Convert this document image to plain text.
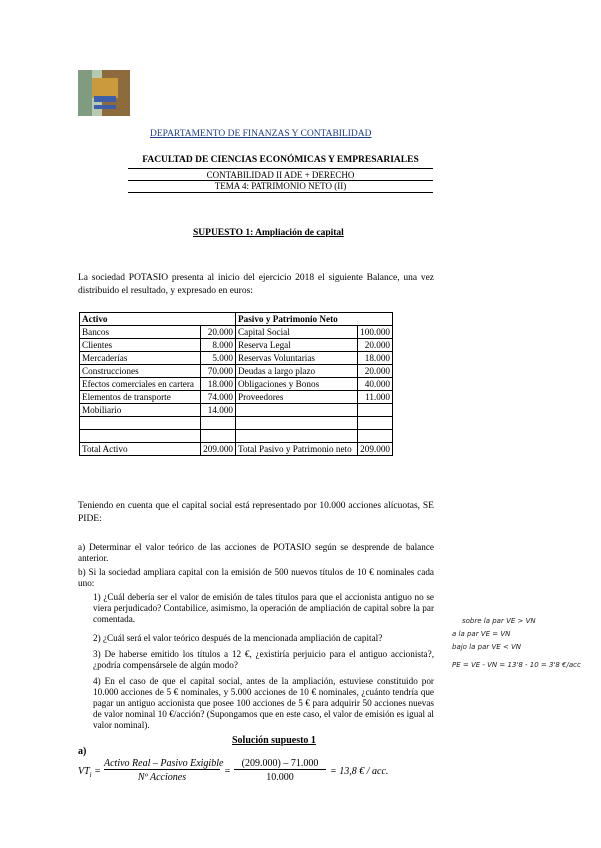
DEPARTAMENTO DE FINANZAS Y CONTABILIDAD
FACULTAD DE CIENCIAS ECONÓMICAS Y EMPRESARIALES
CONTABILIDAD II ADE + DERECHO
TEMA 4: PATRIMONIO NETO (II)
SUPUESTO 1: Ampliación de capital
La sociedad POTASIO presenta al inicio del ejercicio 2018 el siguiente Balance, una vez distribuido el resultado, y expresado en euros:
Activo		Pasivo y Patrimonio Neto	
Bancos	20.000	Capital Social	100.000
Clientes	8.000	Reserva Legal	20.000
Mercaderías	5.000	Reservas Voluntarias	18.000
Construcciones	70.000	Deudas a largo plazo	20.000
Efectos comerciales en cartera	18.000	Obligaciones y Bonos	40.000
Elementos de transporte	74.000	Proveedores	11.000
Mobiliario	14.000		

Total Activo	209.000	Total Pasivo y Patrimonio neto	209.000
Teniendo en cuenta que el capital social está representado por 10.000 acciones alícuotas, SE PIDE:
a) Determinar el valor teórico de las acciones de POTASIO según se desprende de balance anterior.
b) Si la sociedad ampliara capital con la emisión de 500 nuevos títulos de 10 € nominales cada uno:
1) ¿Cuál debería ser el valor de emisión de tales títulos para que el accionista antiguo no se viera perjudicado? Contabilice, asimismo, la operación de ampliación de capital sobre la par comentada.
2) ¿Cuál será el valor teórico después de la mencionada ampliación de capital?
3) De haberse emitido los títulos a 12 €, ¿existiría perjuicio para el antiguo accionista?, ¿podría compensársele de algún modo?
4) En el caso de que el capital social, antes de la ampliación, estuviese constituido por 10.000 acciones de 5 € nominales, y 5.000 acciones de 10 € nominales, ¿cuánto tendría que pagar un antiguo accionista que posee 100 acciones de 5 € para adquirir 50 acciones nuevas de valor nominal 10 €/acción? (Supongamos que en este caso, el valor de emisión es igual al valor nominal).
sobre la par VE > VN
a la par VE = VN
bajo la par VE < VN
PE = VE - VN = 13'8 - 10 = 3'8 €/acc
Solución supuesto 1
a)
$VT_i$ =
Activo Real – Pasivo Exigible
Nº Acciones
=
(209.000) – 71.000
10.000
= 13,8 € / acc.
